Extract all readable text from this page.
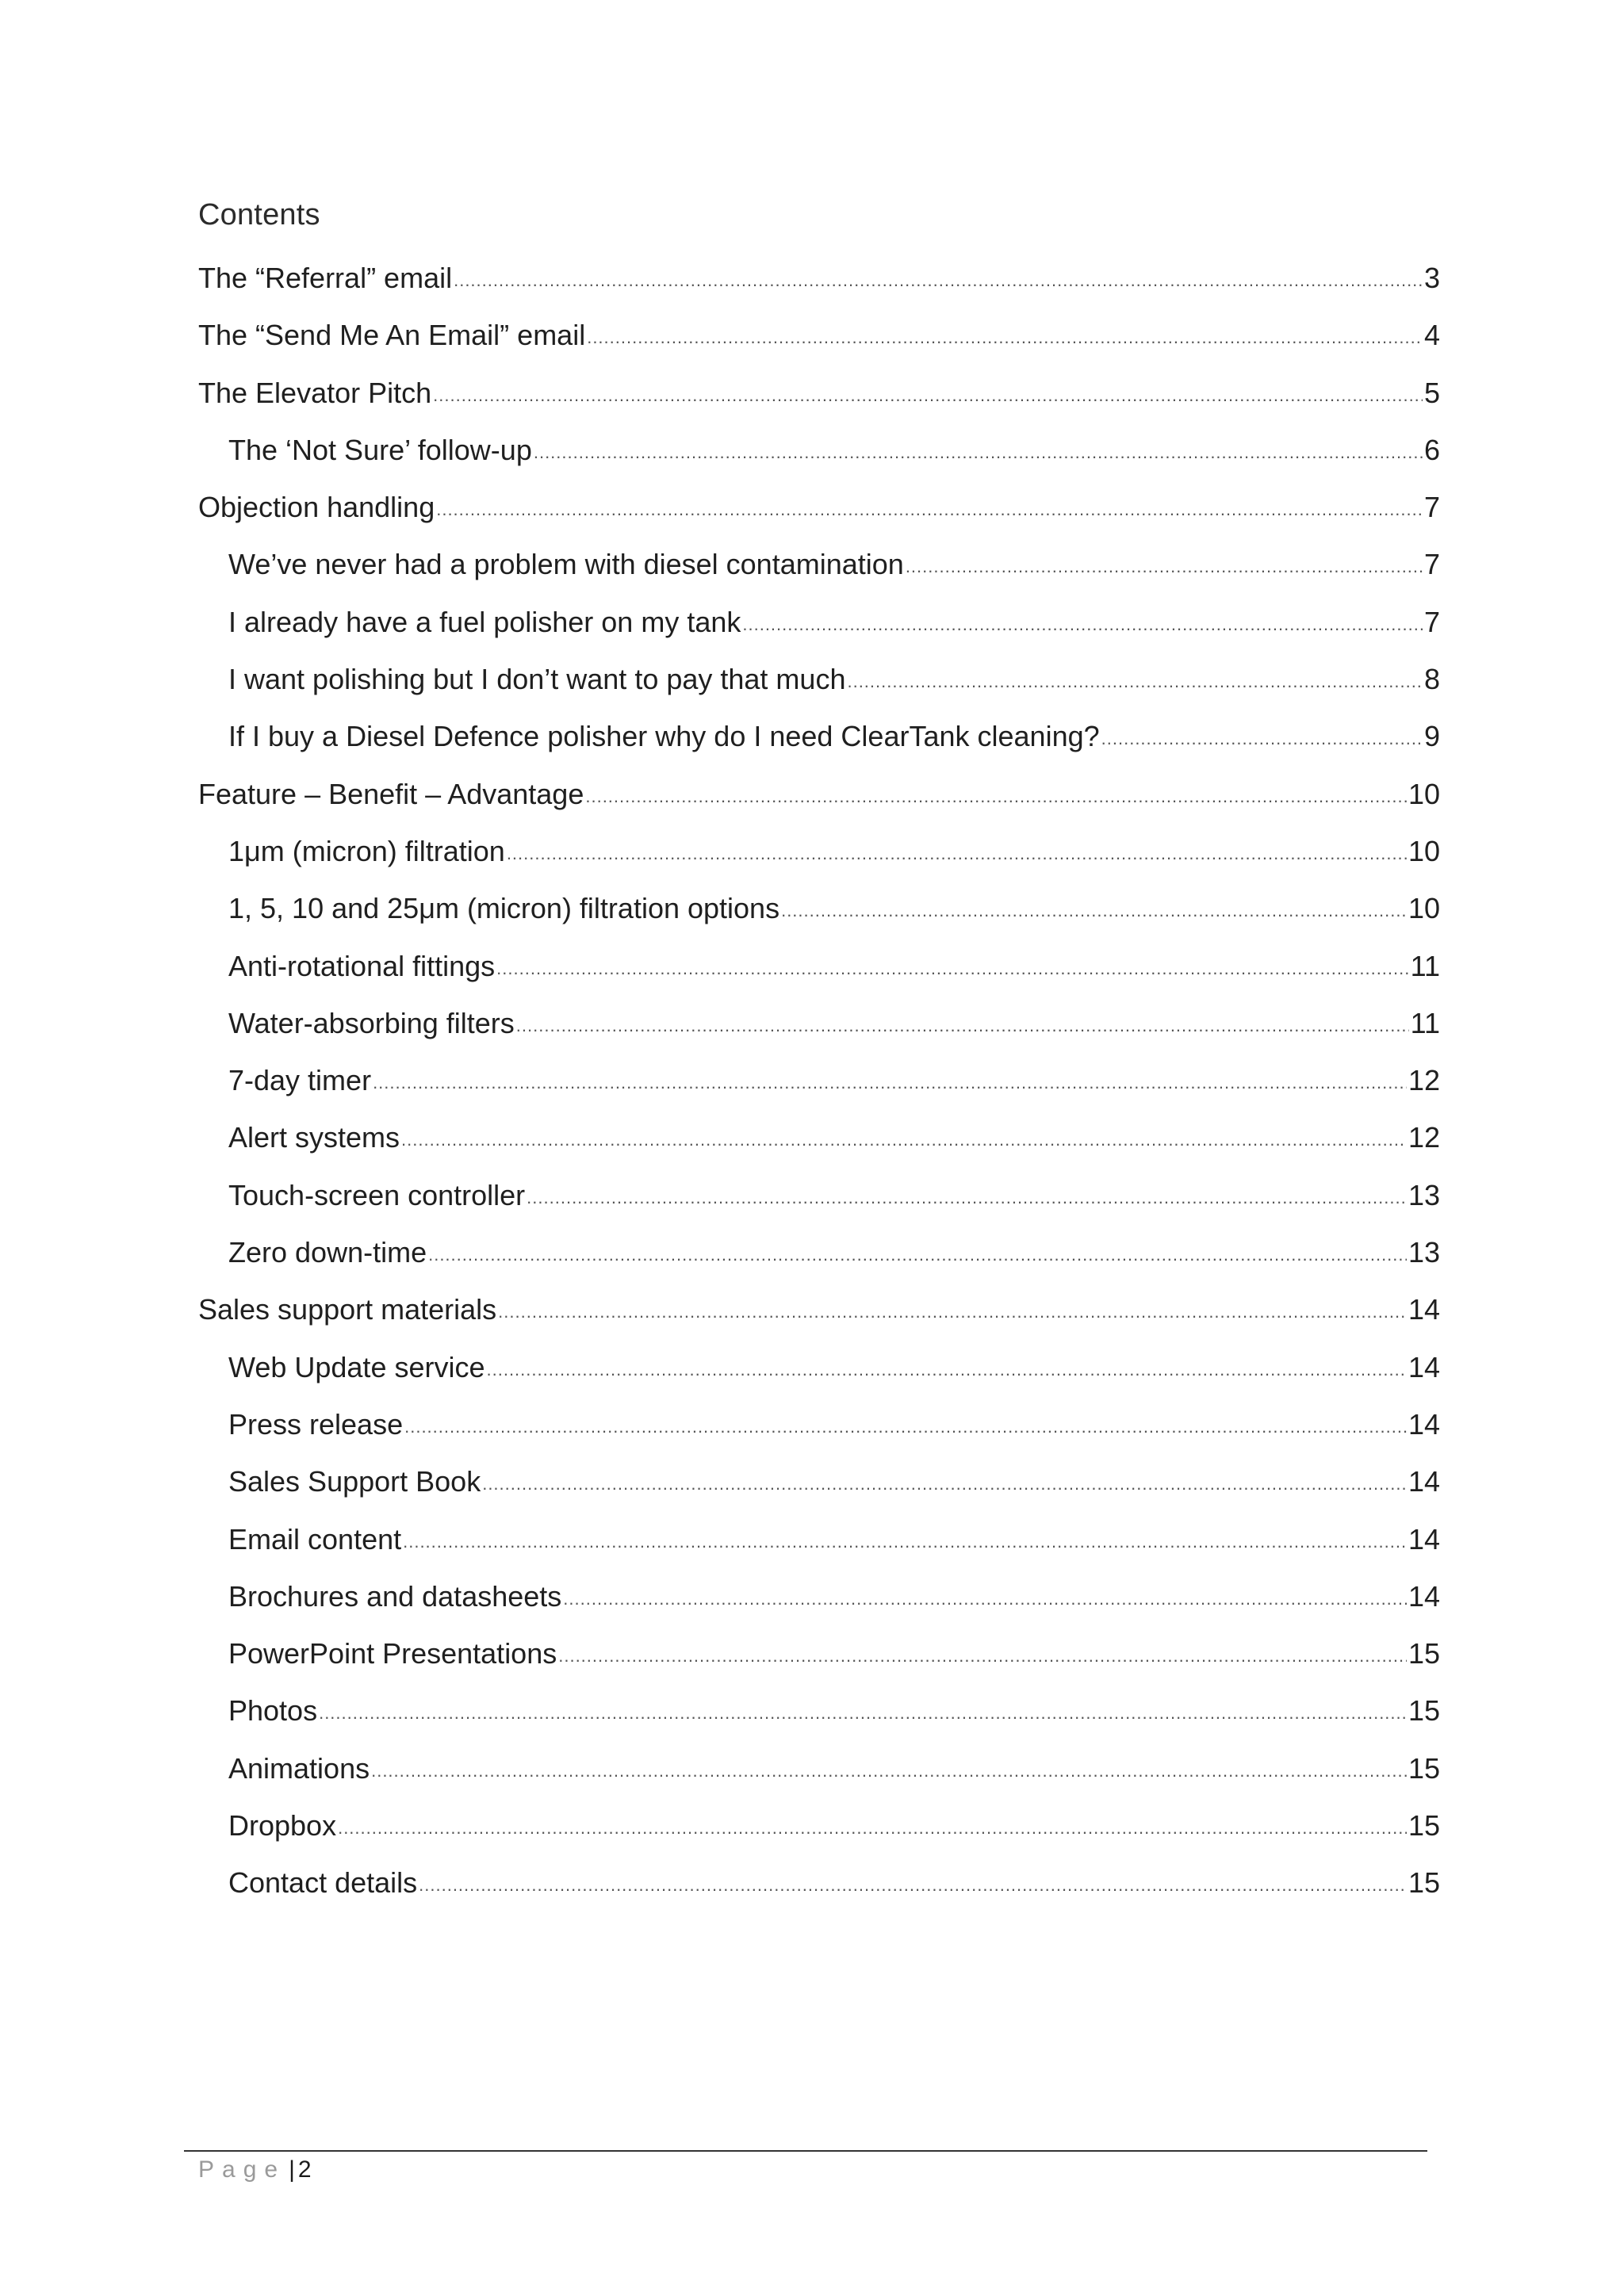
Contents
The “Referral” email .....	3
The “Send Me An Email” email .....	4
The Elevator Pitch .....	5
The ‘Not Sure’ follow-up .....	6
Objection handling .....	7
We’ve never had a problem with diesel contamination .....	7
I already have a fuel polisher on my tank .....	7
I want polishing but I don’t want to pay that much .....	8
If I buy a Diesel Defence polisher why do I need ClearTank cleaning? .....	9
Feature – Benefit – Advantage .....	10
1μm (micron) filtration .....	10
1, 5, 10 and 25μm (micron) filtration options .....	10
Anti-rotational fittings .....	11
Water-absorbing filters .....	11
7-day timer .....	12
Alert systems .....	12
Touch-screen controller .....	13
Zero down-time .....	13
Sales support materials .....	14
Web Update service .....	14
Press release .....	14
Sales Support Book .....	14
Email content .....	14
Brochures and datasheets .....	14
PowerPoint Presentations .....	15
Photos .....	15
Animations .....	15
Dropbox .....	15
Contact details .....	15
Page | 2
